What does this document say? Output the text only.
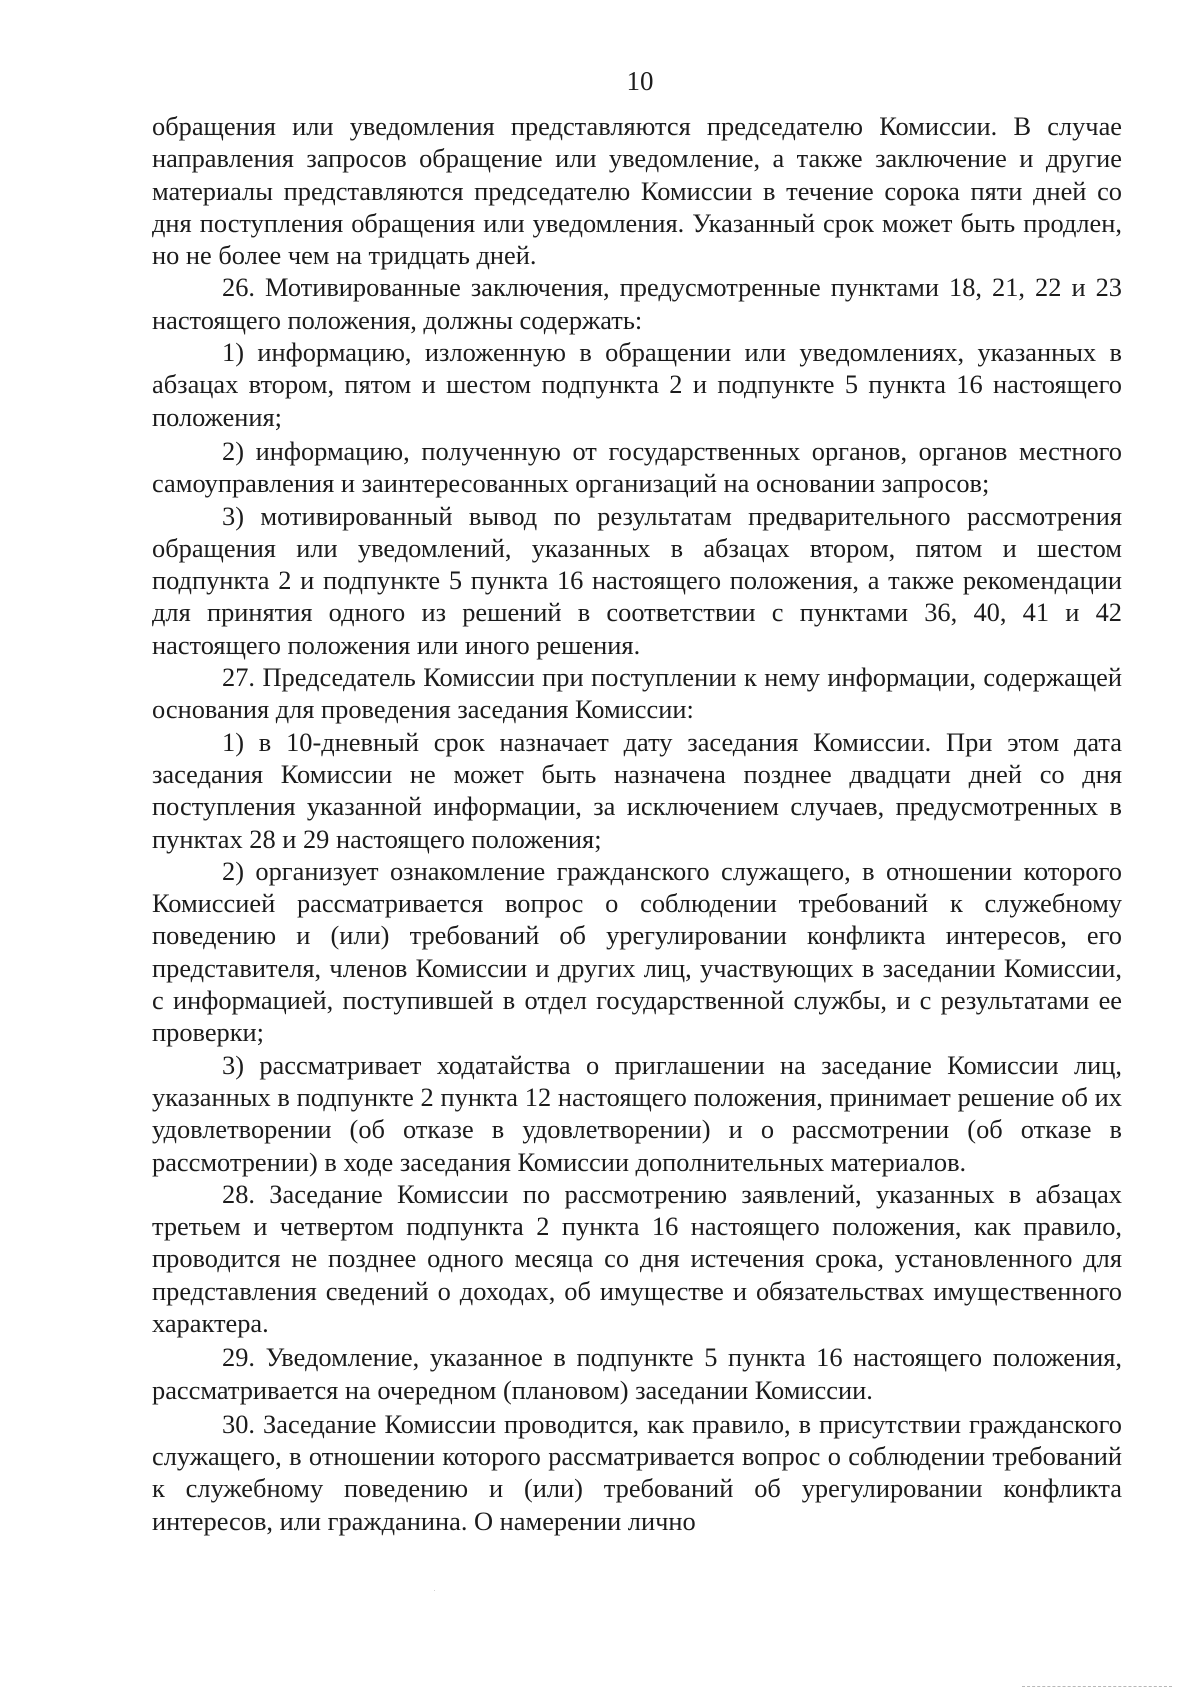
10

обращения или уведомления представляются председателю Комиссии. В случае направления запросов обращение или уведомление, а также заключение и другие материалы представляются председателю Комиссии в течение сорока пяти дней со дня поступления обращения или уведомления. Указанный срок может быть продлен, но не более чем на тридцать дней.

26. Мотивированные заключения, предусмотренные пунктами 18, 21, 22 и 23 настоящего положения, должны содержать:

1) информацию, изложенную в обращении или уведомлениях, указанных в абзацах втором, пятом и шестом подпункта 2 и подпункте 5 пункта 16 настоящего положения;

2) информацию, полученную от государственных органов, органов местного самоуправления и заинтересованных организаций на основании запросов;

3) мотивированный вывод по результатам предварительного рассмотрения обращения или уведомлений, указанных в абзацах втором, пятом и шестом подпункта 2 и подпункте 5 пункта 16 настоящего положения, а также рекомендации для принятия одного из решений в соответствии с пунктами 36, 40, 41 и 42 настоящего положения или иного решения.

27. Председатель Комиссии при поступлении к нему информации, содержащей основания для проведения заседания Комиссии:

1) в 10-дневный срок назначает дату заседания Комиссии. При этом дата заседания Комиссии не может быть назначена позднее двадцати дней со дня поступления указанной информации, за исключением случаев, предусмотренных в пунктах 28 и 29 настоящего положения;

2) организует ознакомление гражданского служащего, в отношении которого Комиссией рассматривается вопрос о соблюдении требований к служебному поведению и (или) требований об урегулировании конфликта интересов, его представителя, членов Комиссии и других лиц, участвующих в заседании Комиссии, с информацией, поступившей в отдел государственной службы, и с результатами ее проверки;

3) рассматривает ходатайства о приглашении на заседание Комиссии лиц, указанных в подпункте 2 пункта 12 настоящего положения, принимает решение об их удовлетворении (об отказе в удовлетворении) и о рассмотрении (об отказе в рассмотрении) в ходе заседания Комиссии дополнительных материалов.

28. Заседание Комиссии по рассмотрению заявлений, указанных в абзацах третьем и четвертом подпункта 2 пункта 16 настоящего положения, как правило, проводится не позднее одного месяца со дня истечения срока, установленного для представления сведений о доходах, об имуществе и обязательствах имущественного характера.

29. Уведомление, указанное в подпункте 5 пункта 16 настоящего положения, рассматривается на очередном (плановом) заседании Комиссии.

30. Заседание Комиссии проводится, как правило, в присутствии гражданского служащего, в отношении которого рассматривается вопрос о соблюдении требований к служебному поведению и (или) требований об урегулировании конфликта интересов, или гражданина. О намерении лично
